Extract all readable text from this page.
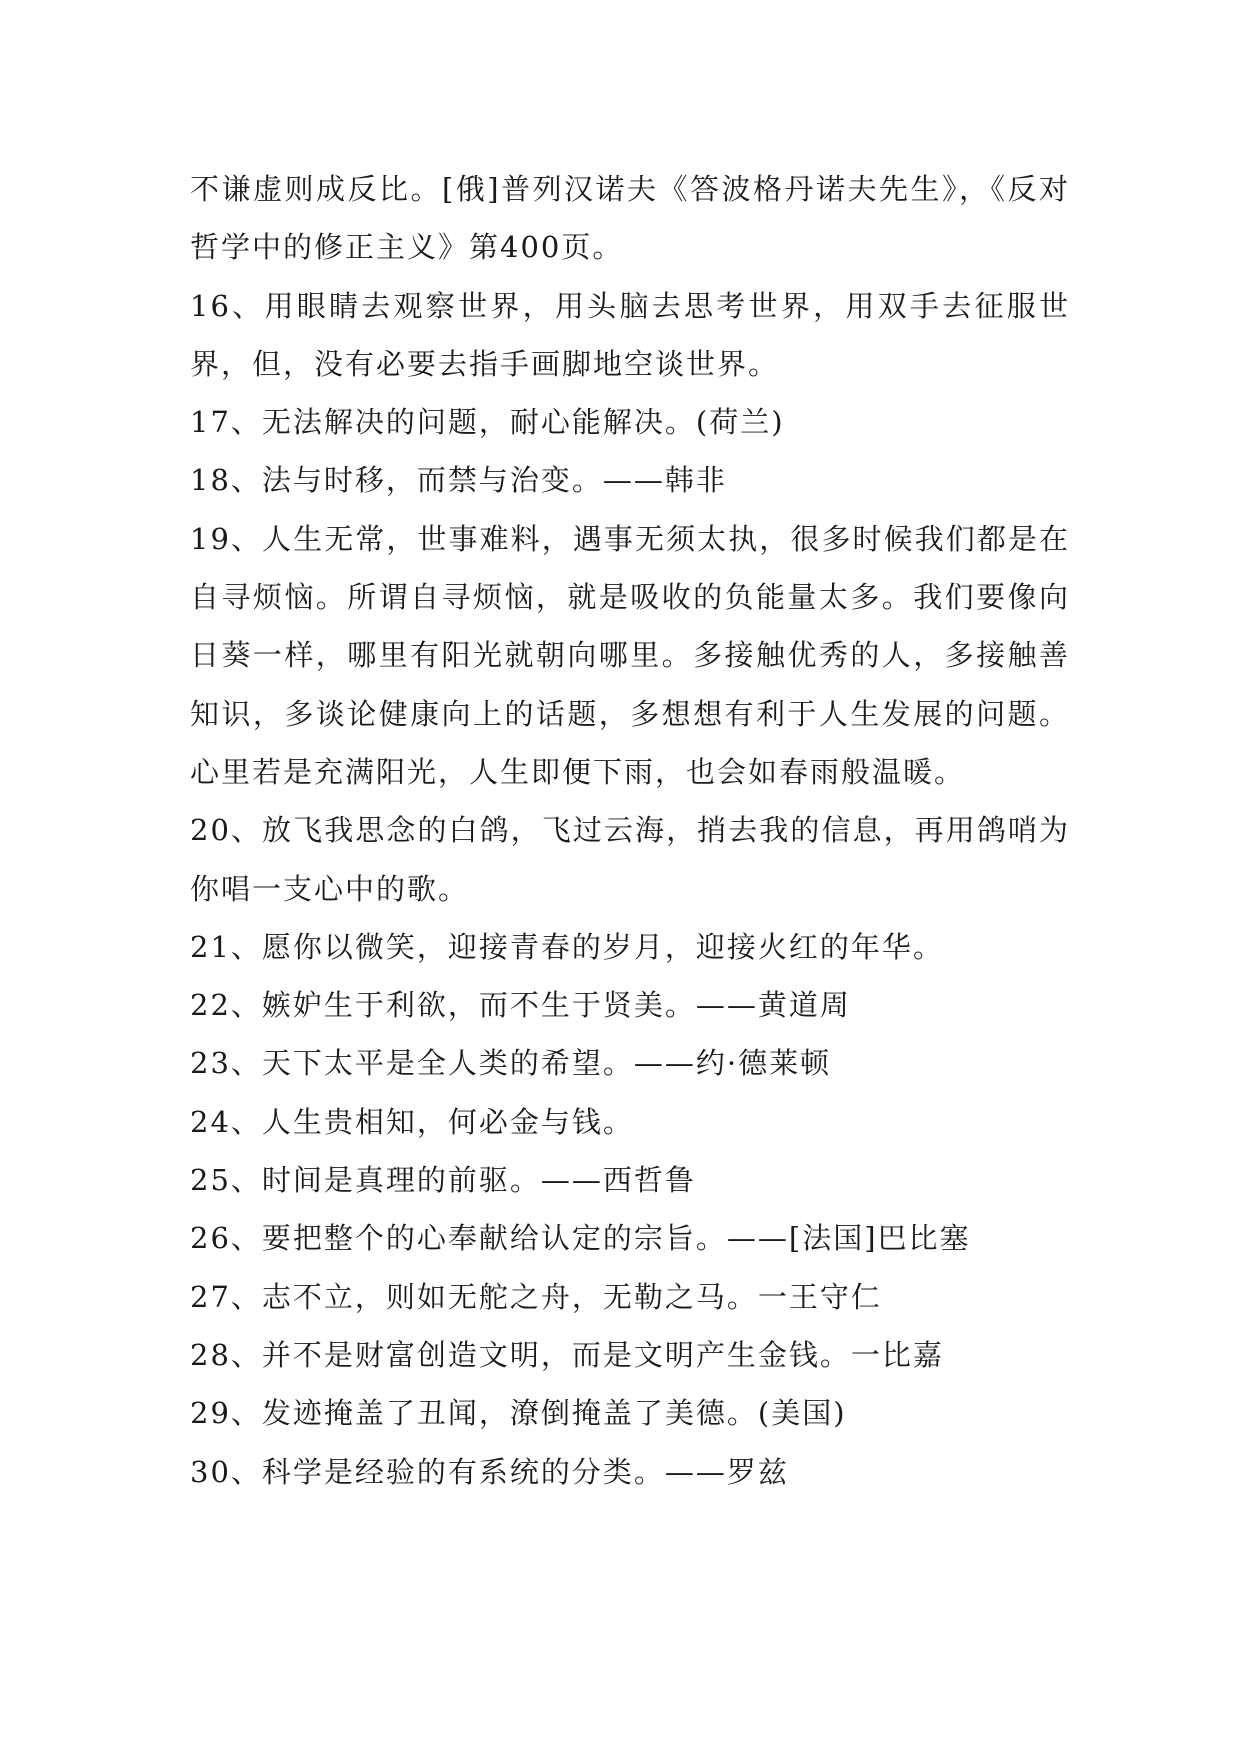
不谦虚则成反比。[俄]普列汉诺夫《答波格丹诺夫先生》，《反对哲学中的修正主义》第400页。

16、用眼睛去观察世界，用头脑去思考世界，用双手去征服世界，但，没有必要去指手画脚地空谈世界。

17、无法解决的问题，耐心能解决。(荷兰)

18、法与时移，而禁与治变。——韩非

19、人生无常，世事难料，遇事无须太执，很多时候我们都是在自寻烦恼。所谓自寻烦恼，就是吸收的负能量太多。我们要像向日葵一样，哪里有阳光就朝向哪里。多接触优秀的人，多接触善知识，多谈论健康向上的话题，多想想有利于人生发展的问题。心里若是充满阳光，人生即便下雨，也会如春雨般温暖。

20、放飞我思念的白鸽，飞过云海，捎去我的信息，再用鸽哨为你唱一支心中的歌。

21、愿你以微笑，迎接青春的岁月，迎接火红的年华。

22、嫉妒生于利欲，而不生于贤美。——黄道周

23、天下太平是全人类的希望。——约·德莱顿

24、人生贵相知，何必金与钱。

25、时间是真理的前驱。——西哲鲁

26、要把整个的心奉献给认定的宗旨。——[法国]巴比塞

27、志不立，则如无舵之舟，无勒之马。一王守仁

28、并不是财富创造文明，而是文明产生金钱。一比嘉

29、发迹掩盖了丑闻，潦倒掩盖了美德。(美国)

30、科学是经验的有系统的分类。——罗兹
